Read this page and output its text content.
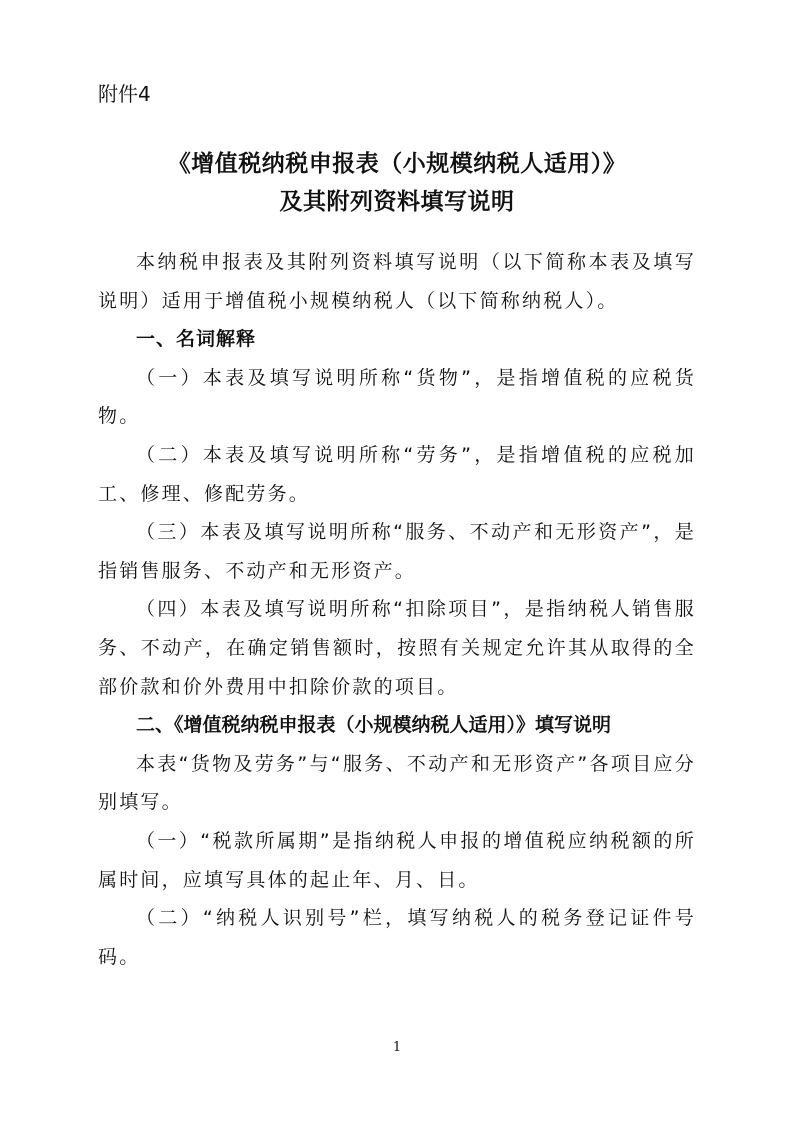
附件4

《增值税纳税申报表（小规模纳税人适用）》
及其附列资料填写说明

本纳税申报表及其附列资料填写说明（以下简称本表及填写说明）适用于增值税小规模纳税人（以下简称纳税人）。

一、名词解释

（一）本表及填写说明所称“货物”，是指增值税的应税货物。

（二）本表及填写说明所称“劳务”，是指增值税的应税加工、修理、修配劳务。

（三）本表及填写说明所称“服务、不动产和无形资产”，是指销售服务、不动产和无形资产。

（四）本表及填写说明所称“扣除项目”，是指纳税人销售服务、不动产，在确定销售额时，按照有关规定允许其从取得的全部价款和价外费用中扣除价款的项目。

二、《增值税纳税申报表（小规模纳税人适用）》填写说明

本表“货物及劳务”与“服务、不动产和无形资产”各项目应分别填写。

（一）“税款所属期”是指纳税人申报的增值税应纳税额的所属时间，应填写具体的起止年、月、日。

（二）“纳税人识别号”栏，填写纳税人的税务登记证件号码。

1
